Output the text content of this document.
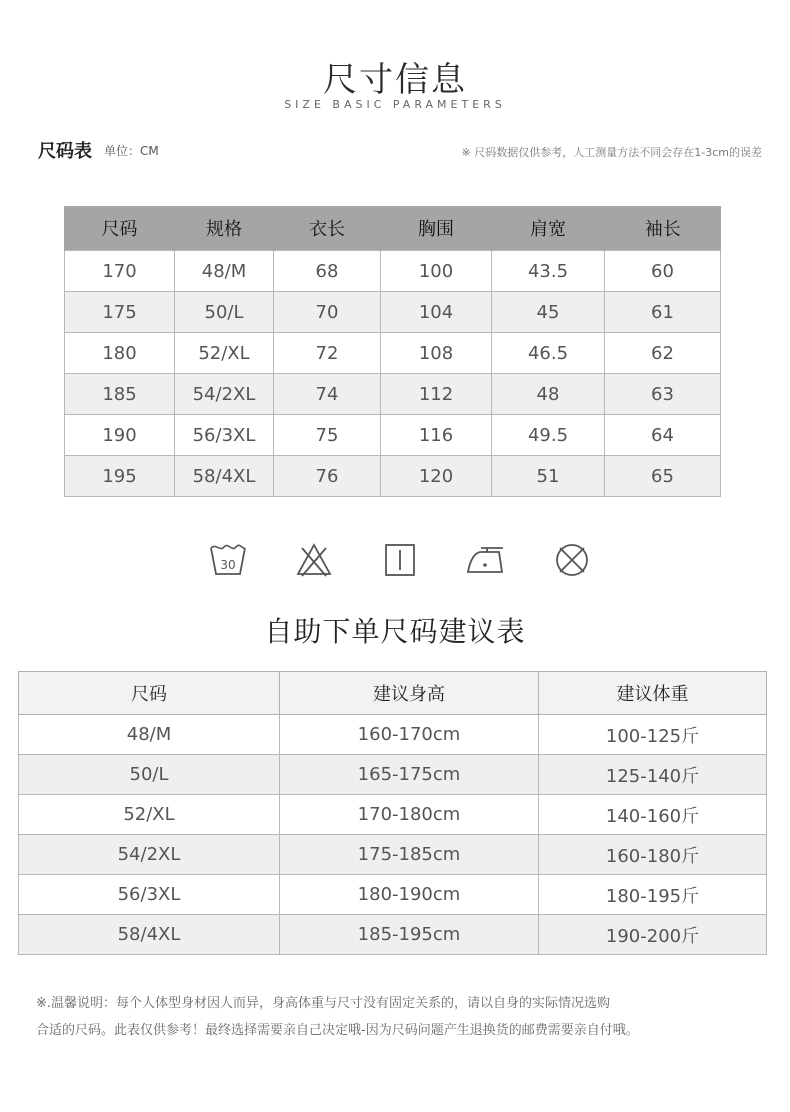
尺寸信息
SIZE BASIC PARAMETERS
尺码表 单位：CM	※ 尺码数据仅供参考，人工测量方法不同会存在1-3cm的误差
尺码	规格	衣长	胸围	肩宽	袖长
170	48/M	68	100	43.5	60
175	50/L	70	104	45	61
180	52/XL	72	108	46.5	62
185	54/2XL	74	112	48	63
190	56/3XL	75	116	49.5	64
195	58/4XL	76	120	51	65
30
自助下单尺码建议表
尺码	建议身高	建议体重
48/M	160-170cm	100-125斤
50/L	165-175cm	125-140斤
52/XL	170-180cm	140-160斤
54/2XL	175-185cm	160-180斤
56/3XL	180-190cm	180-195斤
58/4XL	185-195cm	190-200斤
※.温馨说明：每个人体型身材因人而异，身高体重与尺寸没有固定关系的，请以自身的实际情况选购
合适的尺码。此表仅供参考！最终选择需要亲自己决定哦-因为尺码问题产生退换货的邮费需要亲自付哦。
